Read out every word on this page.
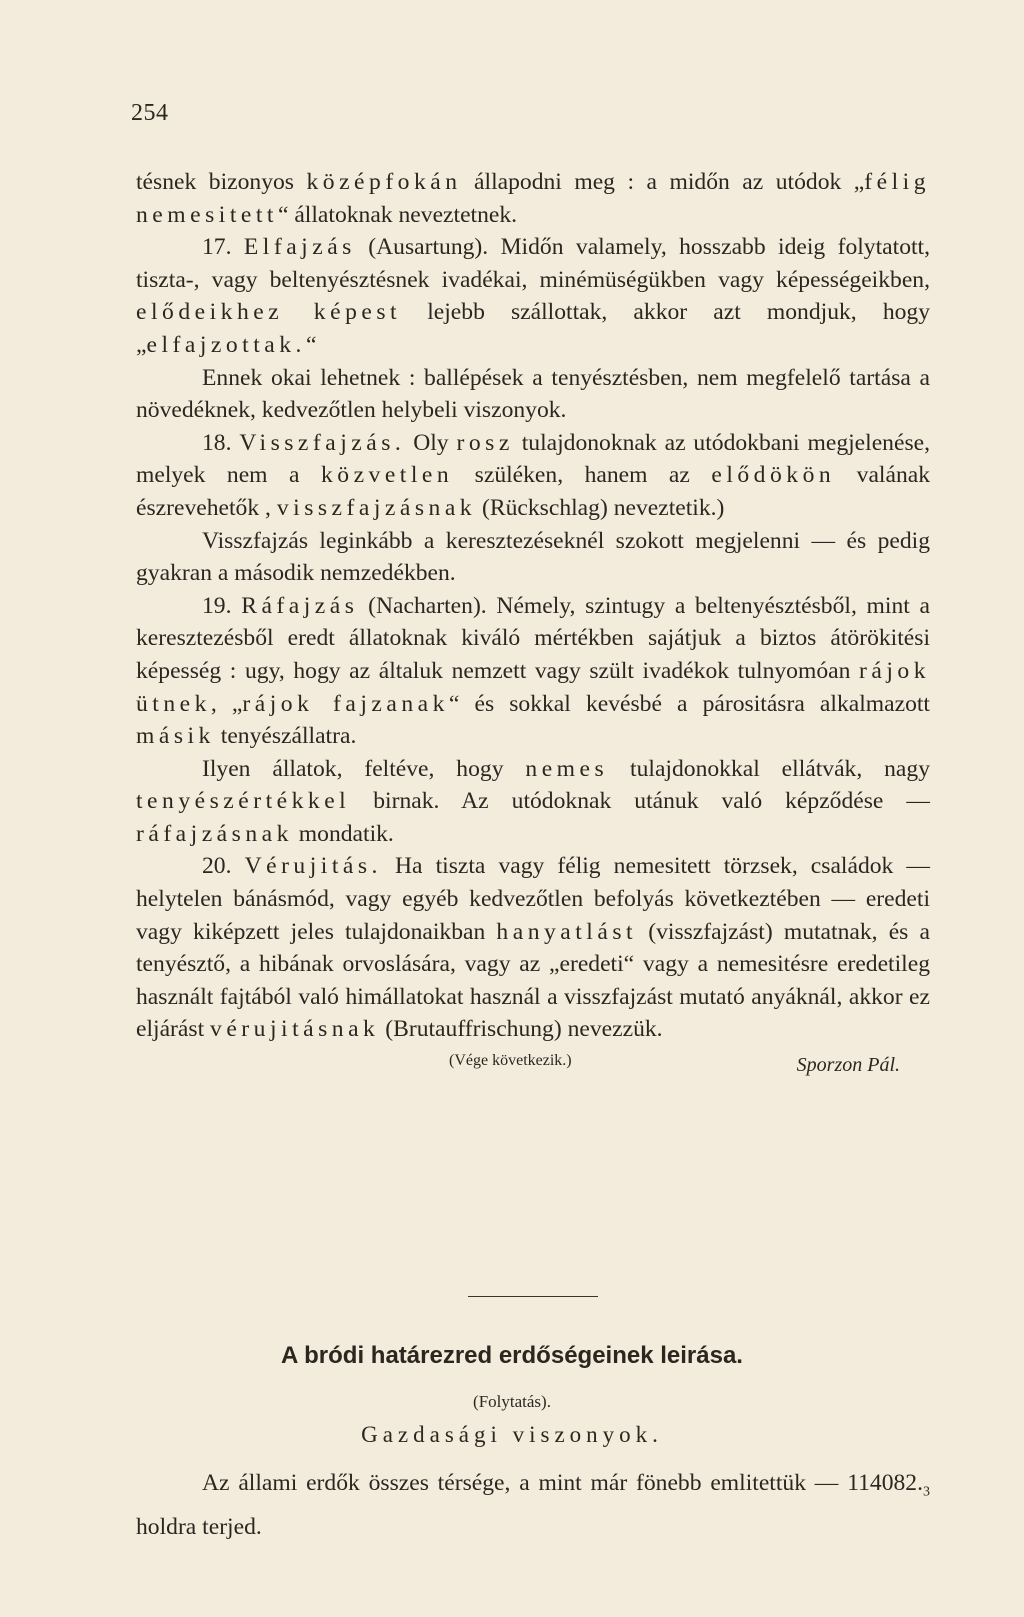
254

tésnek bizonyos középfokán állapodni meg : a midőn az utódok „félig nemesitett“ állatoknak neveztetnek.

17. Elfajzás (Ausartung). Midőn valamely, hosszabb ideig folytatott, tiszta-, vagy beltenyésztésnek ivadékai, minémüségükben vagy képességeikben, elődeikhez képest lejebb szállottak, akkor azt mondjuk, hogy „elfajzottak.“

Ennek okai lehetnek : ballépések a tenyésztésben, nem megfelelő tartása a növedéknek, kedvezőtlen helybeli viszonyok.

18. Visszfajzás. Oly rosz tulajdonoknak az utódokbani megjelenése, melyek nem a közvetlen szüléken, hanem az elődökön valának észrevehetők , visszfajzásnak (Rückschlag) neveztetik.)

Visszfajzás leginkább a keresztezéseknél szokott megjelenni — és pedig gyakran a második nemzedékben.

19. Ráfajzás (Nacharten). Némely, szintugy a beltenyésztésből, mint a keresztezésből eredt állatoknak kiváló mértékben sajátjuk a biztos átörökitési képesség : ugy, hogy az általuk nemzett vagy szült ivadékok tulnyomóan rájok ütnek, „rájok fajzanak“ és sokkal kevésbé a párositásra alkalmazott másik tenyészállatra.

Ilyen állatok, feltéve, hogy nemes tulajdonokkal ellátvák, nagy tenyészértékkel birnak. Az utódoknak utánuk való képződése — ráfajzásnak mondatik.

20. Vérujitás. Ha tiszta vagy félig nemesitett törzsek, családok — helytelen bánásmód, vagy egyéb kedvezőtlen befolyás következtében — eredeti vagy kiképzett jeles tulajdonaikban hanyatlást (visszfajzást) mutatnak, és a tenyésztő, a hibának orvoslására, vagy az „eredeti“ vagy a nemesitésre eredetileg használt fajtából való himállatokat használ a visszfajzást mutató anyáknál, akkor ez eljárást vérujitásnak (Brutauffrischung) nevezzük.

(Vége következik.)	Sporzon Pál.
A bródi határezred erdőségeinek leirása.
(Folytatás).
Gazdasági viszonyok.

Az állami erdők összes térsége, a mint már fönebb emlitettük — $114082._3$ holdra terjed.
